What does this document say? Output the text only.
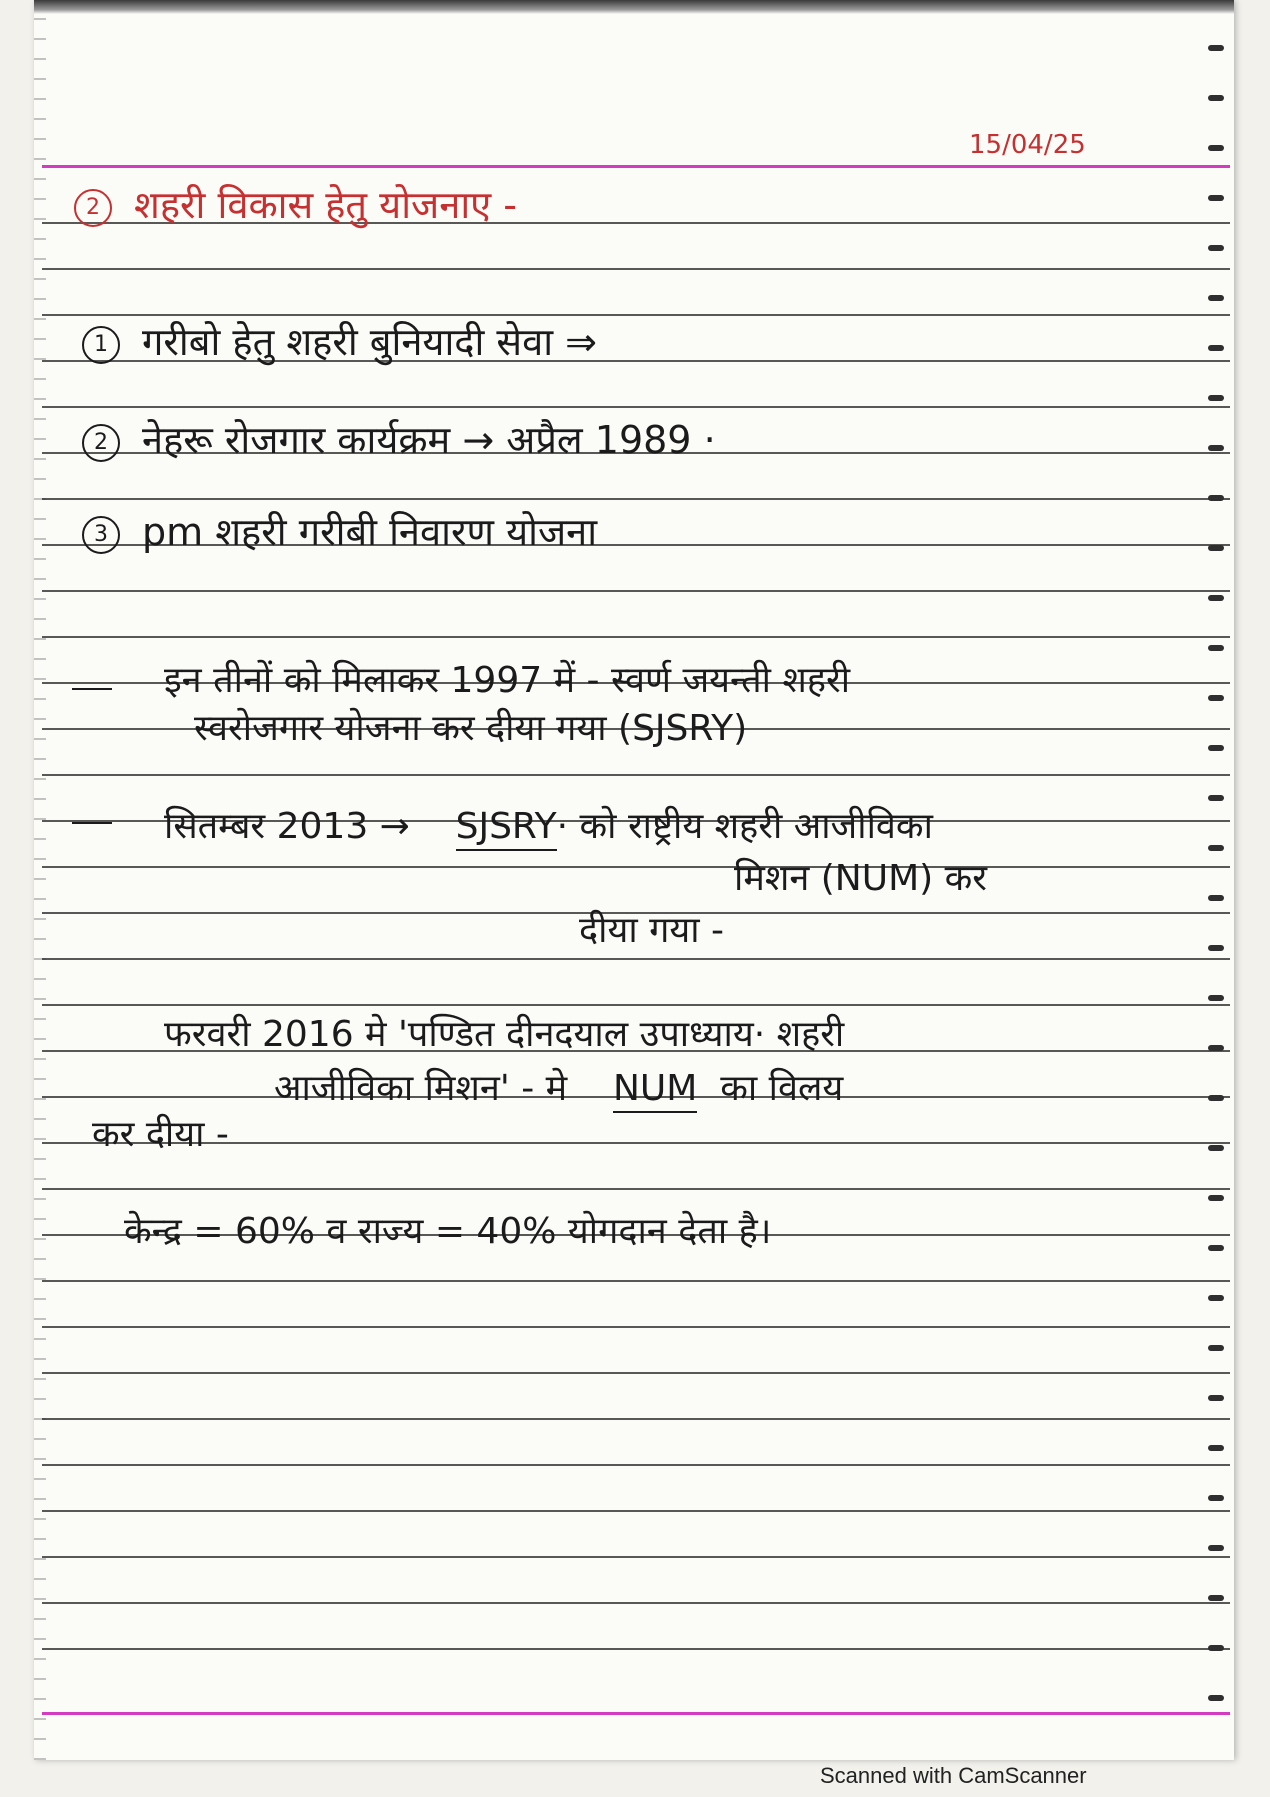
15/04/25
2 शहरी विकास हेतु योजनाए -
1 गरीबो हेतु शहरी बुनियादी सेवा ⇒
2 नेहरू रोजगार कार्यक्रम → अप्रैल 1989 ·
3 pm शहरी गरीबी निवारण योजना
इन तीनों को मिलाकर 1997 में - स्वर्ण जयन्ती शहरी
स्वरोजगार योजना कर दीया गया (SJSRY)
सितम्बर 2013 → SJSRY· को राष्ट्रीय शहरी आजीविका
मिशन (NUM) कर
दीया गया -
फरवरी 2016 मे 'पण्डित दीनदयाल उपाध्याय· शहरी
आजीविका मिशन' - मे NUM का विलय
कर दीया -
केन्द्र = 60% व राज्य = 40% योगदान देता है।
Scanned with CamScanner
